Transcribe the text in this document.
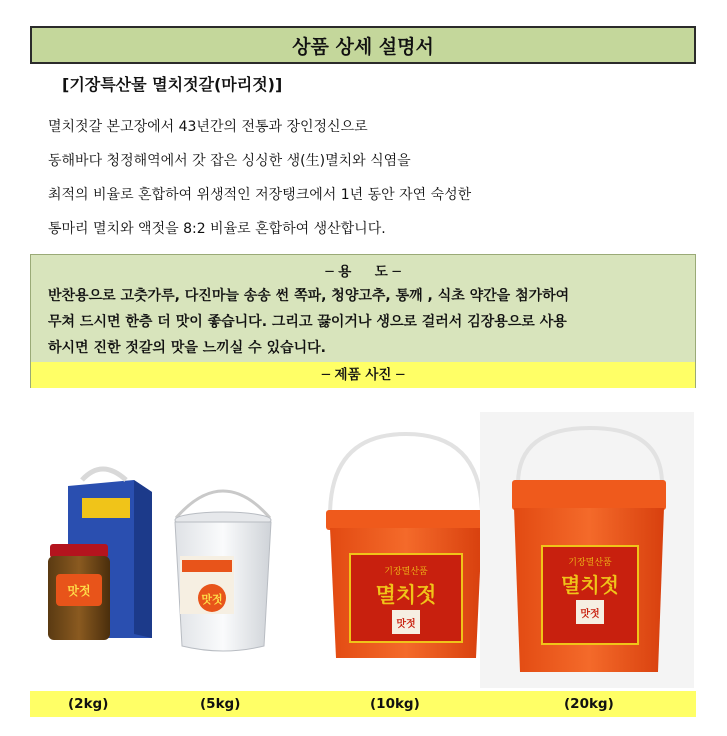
상품 상세 설명서
[기장특산물 멸치젓갈(마리젓)]

멸치젓갈 본고장에서 43년간의 전통과 장인정신으로

동해바다 청정해역에서 갓 잡은 싱싱한 생(生)멸치와 식염을

최적의 비율로 혼합하여 위생적인 저장탱크에서 1년 동안 자연 숙성한

통마리 멸치와 액젓을 8:2 비율로 혼합하여 생산합니다.

─ 용     도 ─

반찬용으로 고춧가루, 다진마늘 송송 썬 쪽파, 청양고추, 통깨 , 식초 약간을 첨가하여

무쳐 드시면 한층 더 맛이 좋습니다. 그리고 끓이거나 생으로 걸러서 김장용으로 사용

하시면 진한 젓갈의 맛을 느끼실 수 있습니다.

─ 제품 사진 ─
맛젓
맛젓
기장멸산품
멸치젓
맛젓
기장멸산품
멸치젓
맛젓
(2kg)	(5kg)	(10kg)	(20kg)
